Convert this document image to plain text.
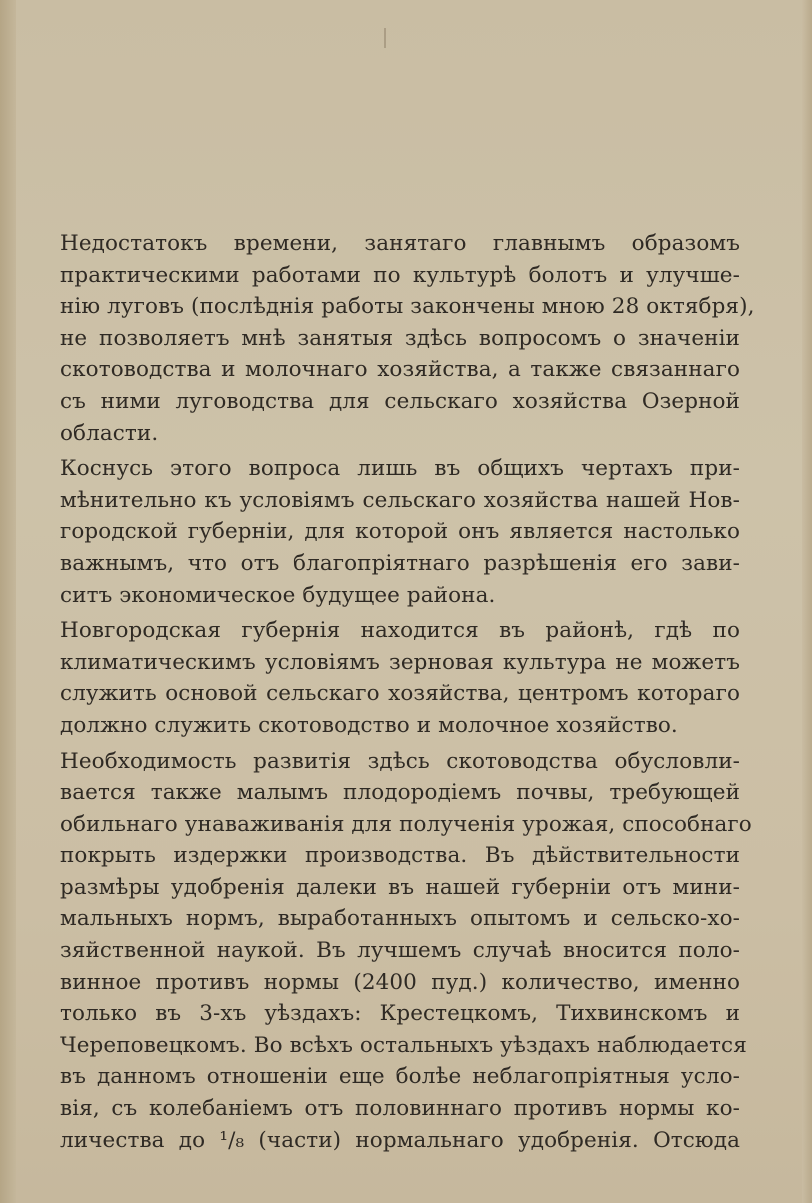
Недостатокъ времени, занятаго главнымъ образомъ
практическими работами по культурѣ болотъ и улучше-
нію луговъ (послѣднія работы закончены мною 28 октября),
не позволяетъ мнѣ занятыя здѣсь вопросомъ о значеніи
скотоводства и молочнаго хозяйства, а также связаннаго
съ ними луговодства для сельскаго хозяйства Озерной
области.
Коснусь этого вопроса лишь въ общихъ чертахъ при-
мѣнительно къ условіямъ сельскаго хозяйства нашей Нов-
городской губерніи, для которой онъ является настолько
важнымъ, что отъ благопріятнаго разрѣшенія его зави-
ситъ экономическое будущее района.
Новгородская губернія находится въ районѣ, гдѣ по
климатическимъ условіямъ зерновая культура не можетъ
служить основой сельскаго хозяйства, центромъ котораго
должно служить скотоводство и молочное хозяйство.
Необходимость развитія здѣсь скотоводства обусловли-
вается также малымъ плодородіемъ почвы, требующей
обильнаго унаваживанія для полученія урожая, способнаго
покрыть издержки производства. Въ дѣйствительности
размѣры удобренія далеки въ нашей губерніи отъ мини-
мальныхъ нормъ, выработанныхъ опытомъ и сельско-хо-
зяйственной наукой. Въ лучшемъ случаѣ вносится поло-
винное противъ нормы (2400 пуд.) количество, именно
только въ 3-хъ уѣздахъ: Крестецкомъ, Тихвинскомъ и
Череповецкомъ. Во всѣхъ остальныхъ уѣздахъ наблюдается
въ данномъ отношеніи еще болѣе неблагопріятныя усло-
вія, съ колебаніемъ отъ половиннаго противъ нормы ко-
личества до ¹/₈ (части) нормальнаго удобренія. Отсюда
